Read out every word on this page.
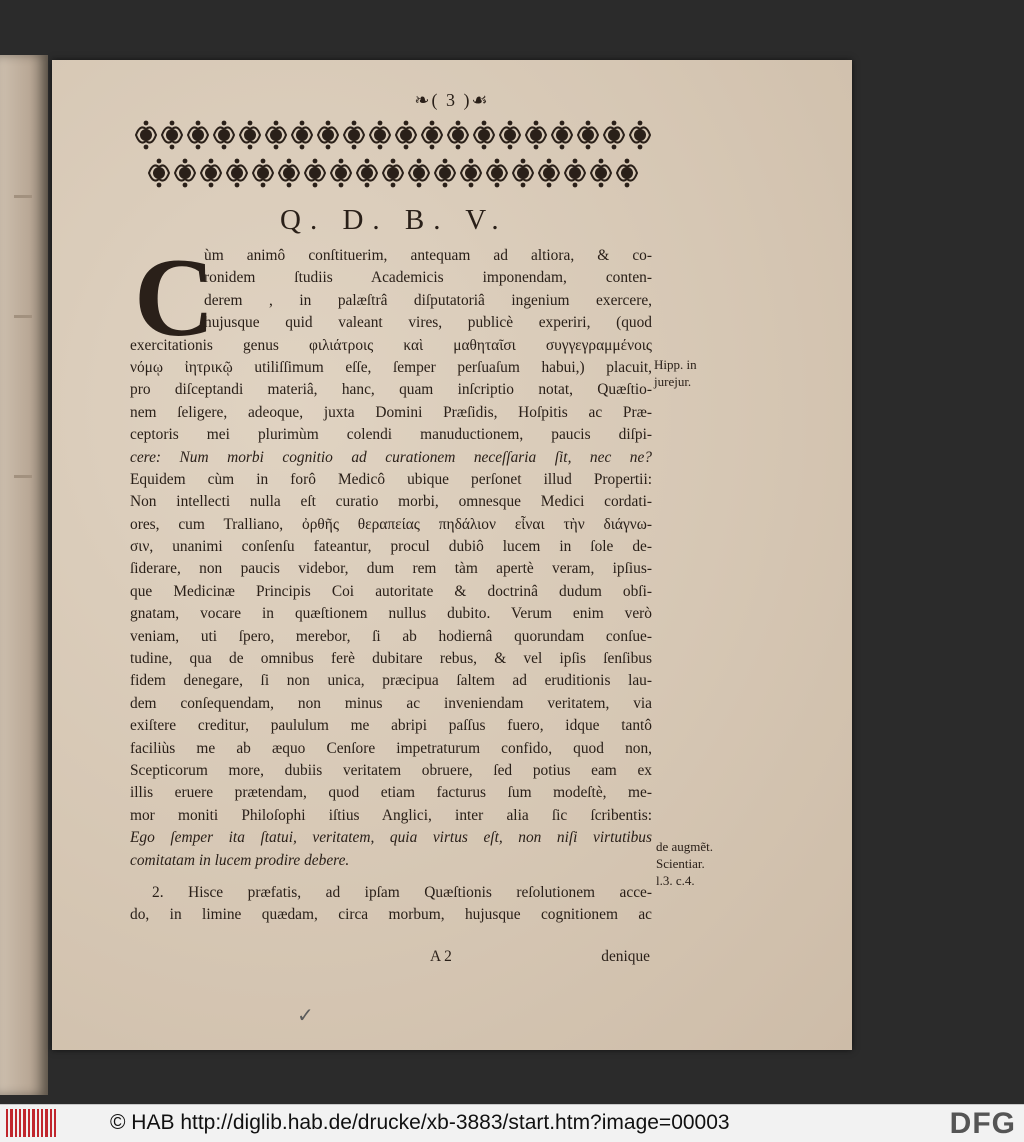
❧( 3 )☙
Q. D. B. V.
C
ùm animô conſtituerim, antequam ad altiora, & co-
ronidem ſtudiis Academicis imponendam, conten-
derem , in palæſtrâ diſputatoriâ ingenium exercere,
hujusque quid valeant vires, publicè experiri, (quod
exercitationis genus φιλιάτροις καὶ μαθηταῖσι συγγεγραμμένοις
νόμῳ ἰητρικῷ utiliſſimum eſſe, ſemper perſuaſum habui,) placuit,
pro diſceptandi materiâ, hanc, quam inſcriptio notat, Quæſtio-
nem ſeligere, adeoque, juxta Domini Præſidis, Hoſpitis ac Præ-
ceptoris mei plurimùm colendi manuductionem, paucis diſpi-
cere: Num morbi cognitio ad curationem neceſſaria ſit, nec ne?
Equidem cùm in forô Medicô ubique perſonet illud Propertii:
Non intellecti nulla eſt curatio morbi, omnesque Medici cordati-
ores, cum Tralliano, ὀρθῆς θεραπείας πηδάλιον εἶναι τὴν διάγνω-
σιν, unanimi conſenſu fateantur, procul dubiô lucem in ſole de-
ſiderare, non paucis videbor, dum rem tàm apertè veram, ipſius-
que Medicinæ Principis Coi autoritate & doctrinâ dudum obſi-
gnatam, vocare in quæſtionem nullus dubito. Verum enim verò
veniam, uti ſpero, merebor, ſi ab hodiernâ quorundam conſue-
tudine, qua de omnibus ferè dubitare rebus, & vel ipſis ſenſibus
fidem denegare, ſi non unica, præcipua ſaltem ad eruditionis lau-
dem conſequendam, non minus ac inveniendam veritatem, via
exiſtere creditur, paululum me abripi paſſus fuero, idque tantô
faciliùs me ab æquo Cenſore impetraturum confido, quod non,
Scepticorum more, dubiis veritatem obruere, ſed potius eam ex
illis eruere prætendam, quod etiam facturus ſum modeſtè, me-
mor moniti Philoſophi iſtius Anglici, inter alia ſic ſcribentis:
Ego ſemper ita ſtatui, veritatem, quia virtus eſt, non niſi virtutibus
comitatam in lucem prodire debere.
2. Hisce præfatis, ad ipſam Quæſtionis reſolutionem acce-
do, in limine quædam, circa morbum, hujusque cognitionem ac
A 2	denique
Hipp. in
jurejur.
de augmẽt.
Scientiar.
l.3. c.4.
✓
© HAB http://diglib.hab.de/drucke/xb-3883/start.htm?image=00003	DFG
